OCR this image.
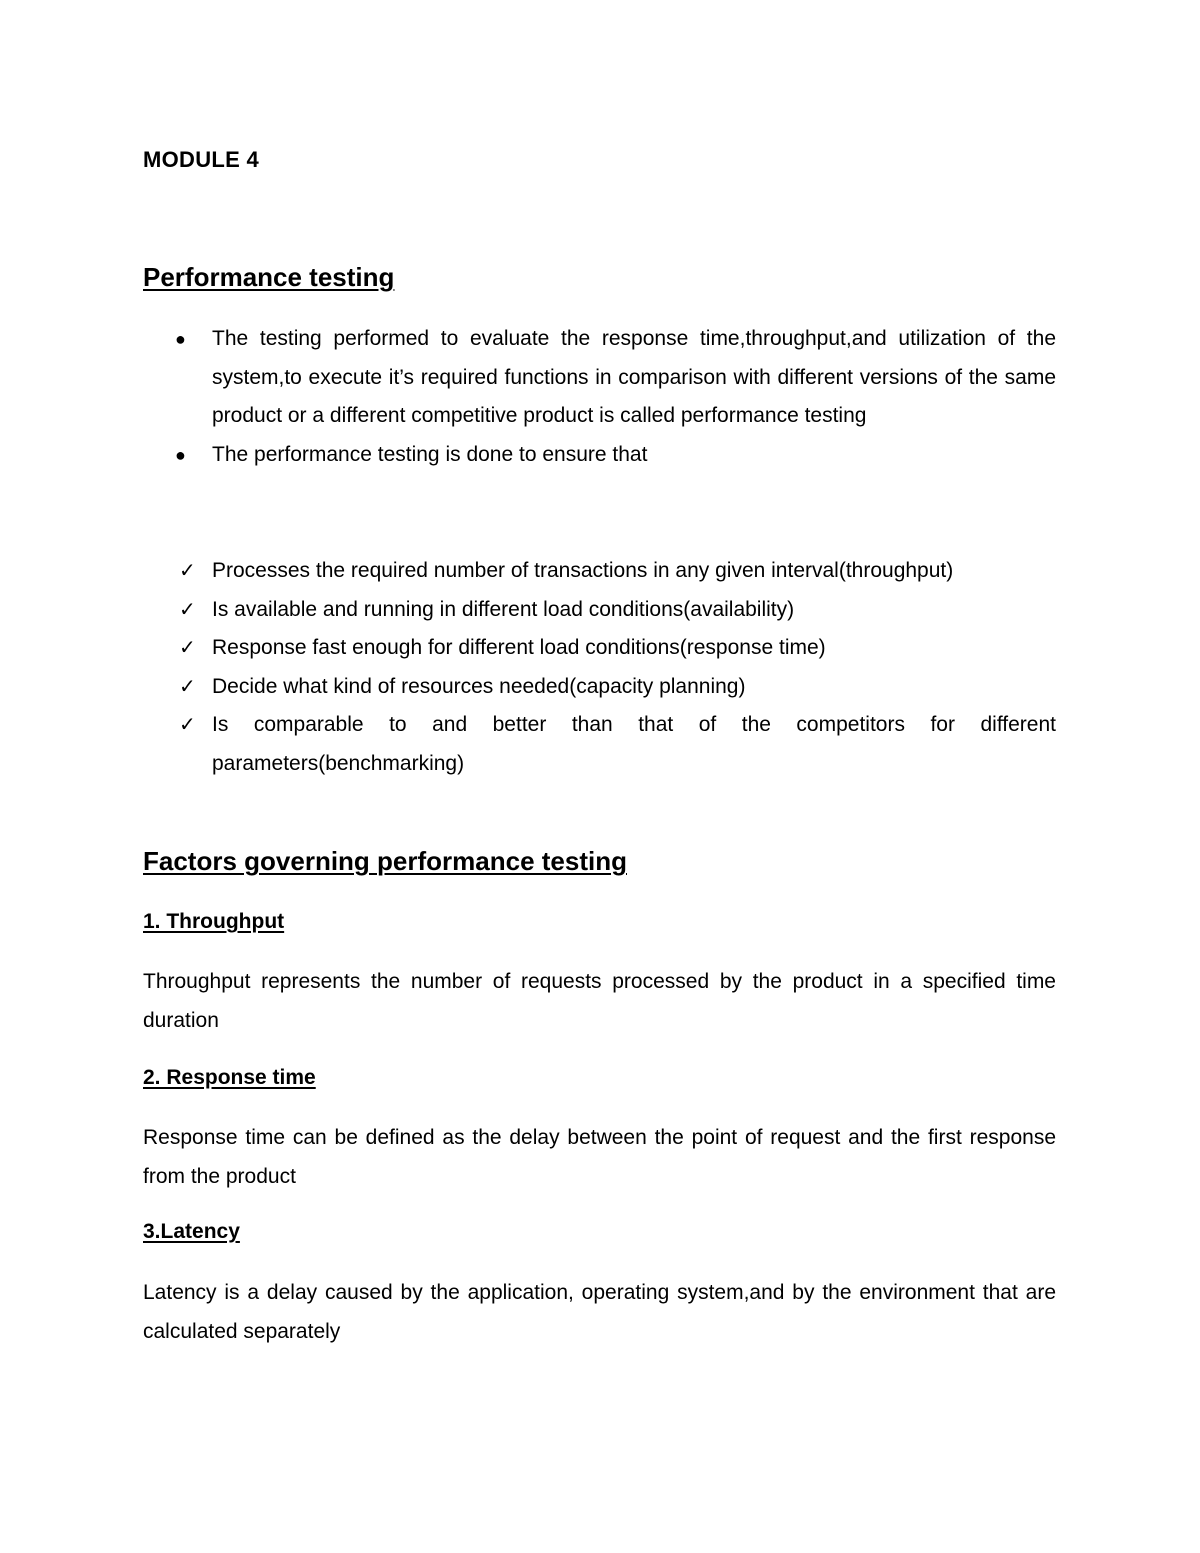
MODULE 4
Performance testing
● The testing performed to evaluate the response time,throughput,and utilization of the system,to execute it’s required functions in comparison with different versions of the same product or a different competitive product is called performance testing
● The performance testing is done to ensure that
✓ Processes the required number of transactions in any given interval(throughput)
✓ Is available and running in different load conditions(availability)
✓ Response fast enough for different load conditions(response time)
✓ Decide what kind of resources needed(capacity planning)
✓ Is comparable to and better than that of the competitors for different parameters(benchmarking)
Factors governing performance testing
1. Throughput
Throughput represents the number of requests processed by the product in a specified time duration
2. Response time
Response time can be defined as the delay between the point of request and the first response from the product
3.Latency
Latency is a delay caused by the application, operating system,and by the environment that are calculated separately
